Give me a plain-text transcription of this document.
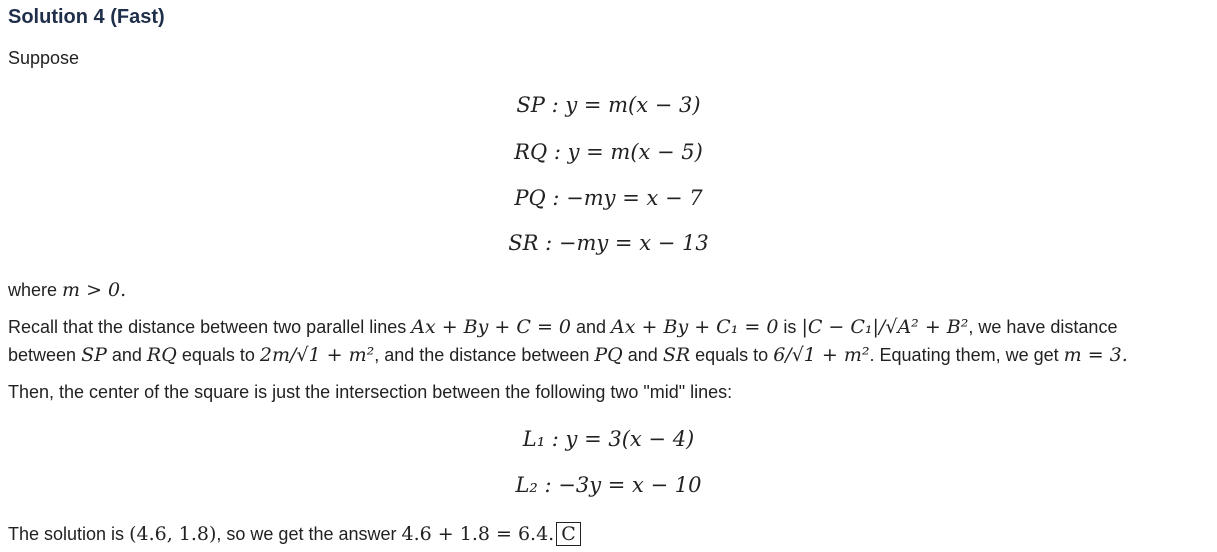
Solution 4 (Fast)
Suppose
SP : y = m(x − 3)
RQ : y = m(x − 5)
PQ : −my = x − 7
SR : −my = x − 13
where m > 0.
Recall that the distance between two parallel lines Ax + By + C = 0 and Ax + By + C₁ = 0 is |C − C₁|/√A² + B², we have distance
between SP and RQ equals to 2m/√1 + m², and the distance between PQ and SR equals to 6/√1 + m². Equating them, we get m = 3.
Then, the center of the square is just the intersection between the following two "mid" lines:
L₁ : y = 3(x − 4)
L₂ : −3y = x − 10
The solution is (4.6, 1.8), so we get the answer 4.6 + 1.8 = 6.4. C
